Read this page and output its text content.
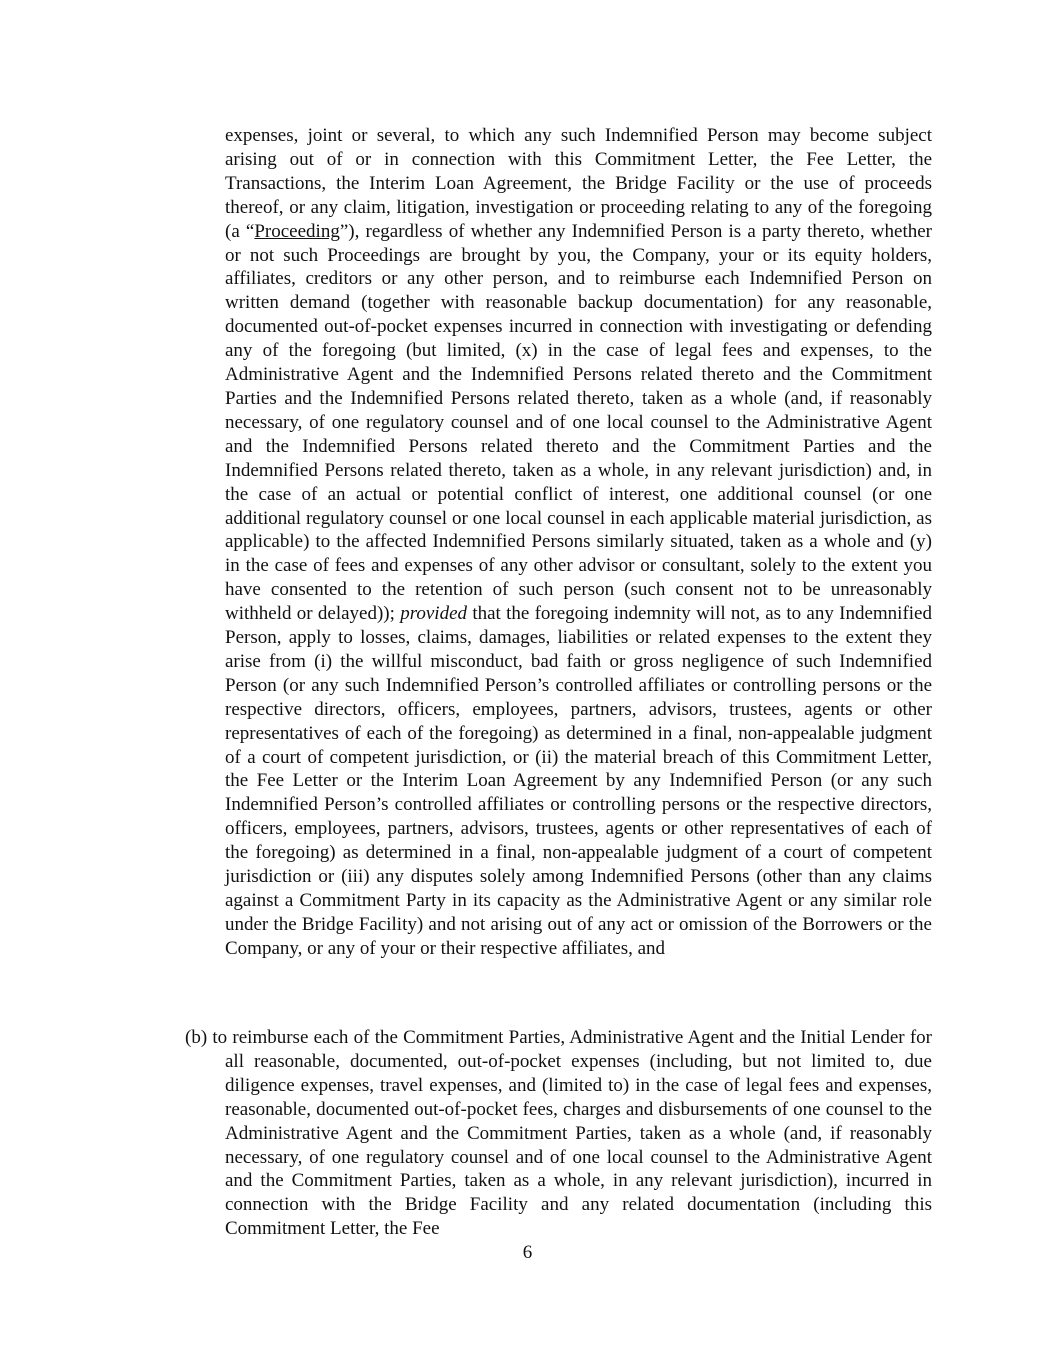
expenses, joint or several, to which any such Indemnified Person may become subject arising out of or in connection with this Commitment Letter, the Fee Letter, the Transactions, the Interim Loan Agreement, the Bridge Facility or the use of proceeds thereof, or any claim, litigation, investigation or proceeding relating to any of the foregoing (a “Proceeding”), regardless of whether any Indemnified Person is a party thereto, whether or not such Proceedings are brought by you, the Company, your or its equity holders, affiliates, creditors or any other person, and to reimburse each Indemnified Person on written demand (together with reasonable backup documentation) for any reasonable, documented out-of-pocket expenses incurred in connection with investigating or defending any of the foregoing (but limited, (x) in the case of legal fees and expenses, to the Administrative Agent and the Indemnified Persons related thereto and the Commitment Parties and the Indemnified Persons related thereto, taken as a whole (and, if reasonably necessary, of one regulatory counsel and of one local counsel to the Administrative Agent and the Indemnified Persons related thereto and the Commitment Parties and the Indemnified Persons related thereto, taken as a whole, in any relevant jurisdiction) and, in the case of an actual or potential conflict of interest, one additional counsel (or one additional regulatory counsel or one local counsel in each applicable material jurisdiction, as applicable) to the affected Indemnified Persons similarly situated, taken as a whole and (y) in the case of fees and expenses of any other advisor or consultant, solely to the extent you have consented to the retention of such person (such consent not to be unreasonably withheld or delayed)); provided that the foregoing indemnity will not, as to any Indemnified Person, apply to losses, claims, damages, liabilities or related expenses to the extent they arise from (i) the willful misconduct, bad faith or gross negligence of such Indemnified Person (or any such Indemnified Person’s controlled affiliates or controlling persons or the respective directors, officers, employees, partners, advisors, trustees, agents or other representatives of each of the foregoing) as determined in a final, non-appealable judgment of a court of competent jurisdiction, or (ii) the material breach of this Commitment Letter, the Fee Letter or the Interim Loan Agreement by any Indemnified Person (or any such Indemnified Person’s controlled affiliates or controlling persons or the respective directors, officers, employees, partners, advisors, trustees, agents or other representatives of each of the foregoing) as determined in a final, non-appealable judgment of a court of competent jurisdiction or (iii) any disputes solely among Indemnified Persons (other than any claims against a Commitment Party in its capacity as the Administrative Agent or any similar role under the Bridge Facility) and not arising out of any act or omission of the Borrowers or the Company, or any of your or their respective affiliates, and

(b) to reimburse each of the Commitment Parties, Administrative Agent and the Initial Lender for all reasonable, documented, out-of-pocket expenses (including, but not limited to, due diligence expenses, travel expenses, and (limited to) in the case of legal fees and expenses, reasonable, documented out-of-pocket fees, charges and disbursements of one counsel to the Administrative Agent and the Commitment Parties, taken as a whole (and, if reasonably necessary, of one regulatory counsel and of one local counsel to the Administrative Agent and the Commitment Parties, taken as a whole, in any relevant jurisdiction), incurred in connection with the Bridge Facility and any related documentation (including this Commitment Letter, the Fee

6
